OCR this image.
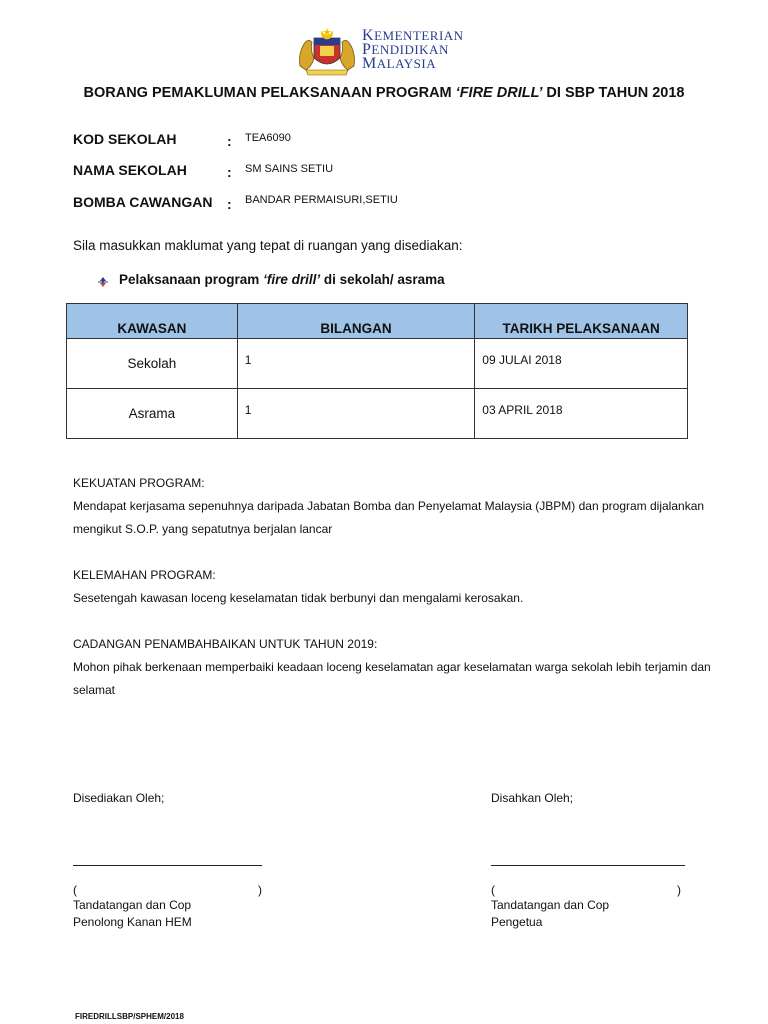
KEMENTERIAN
PENDIDIKAN
MALAYSIA
BORANG PEMAKLUMAN PELAKSANAAN PROGRAM ‘FIRE DRILL’ DI SBP TAHUN 2018
KOD SEKOLAH	: TEA6090
NAMA SEKOLAH	: SM SAINS SETIU
BOMBA CAWANGAN : BANDAR PERMAISURI,SETIU
Sila masukkan maklumat yang tepat di ruangan yang disediakan:
Pelaksanaan program ‘fire drill’ di sekolah/ asrama
KAWASAN	BILANGAN	TARIKH PELAKSANAAN
Sekolah	1	09 JULAI 2018

Asrama	1	03 APRIL 2018
KEKUATAN PROGRAM:
Mendapat kerjasama sepenuhnya daripada Jabatan Bomba dan Penyelamat Malaysia (JBPM) dan program dijalankan
mengikut S.O.P. yang sepatutnya berjalan lancar
KELEMAHAN PROGRAM:
Sesetengah kawasan loceng keselamatan tidak berbunyi dan mengalami kerosakan.
CADANGAN PENAMBAHBAIKAN UNTUK TAHUN 2019:
Mohon pihak berkenaan memperbaiki keadaan loceng keselamatan agar keselamatan warga sekolah lebih terjamin dan
selamat
Disediakan Oleh;
(	)
Tandatangan dan Cop
Penolong Kanan HEM
Disahkan Oleh;
(	)
Tandatangan dan Cop
Pengetua
FIREDRILLSBP/SPHEM/2018
